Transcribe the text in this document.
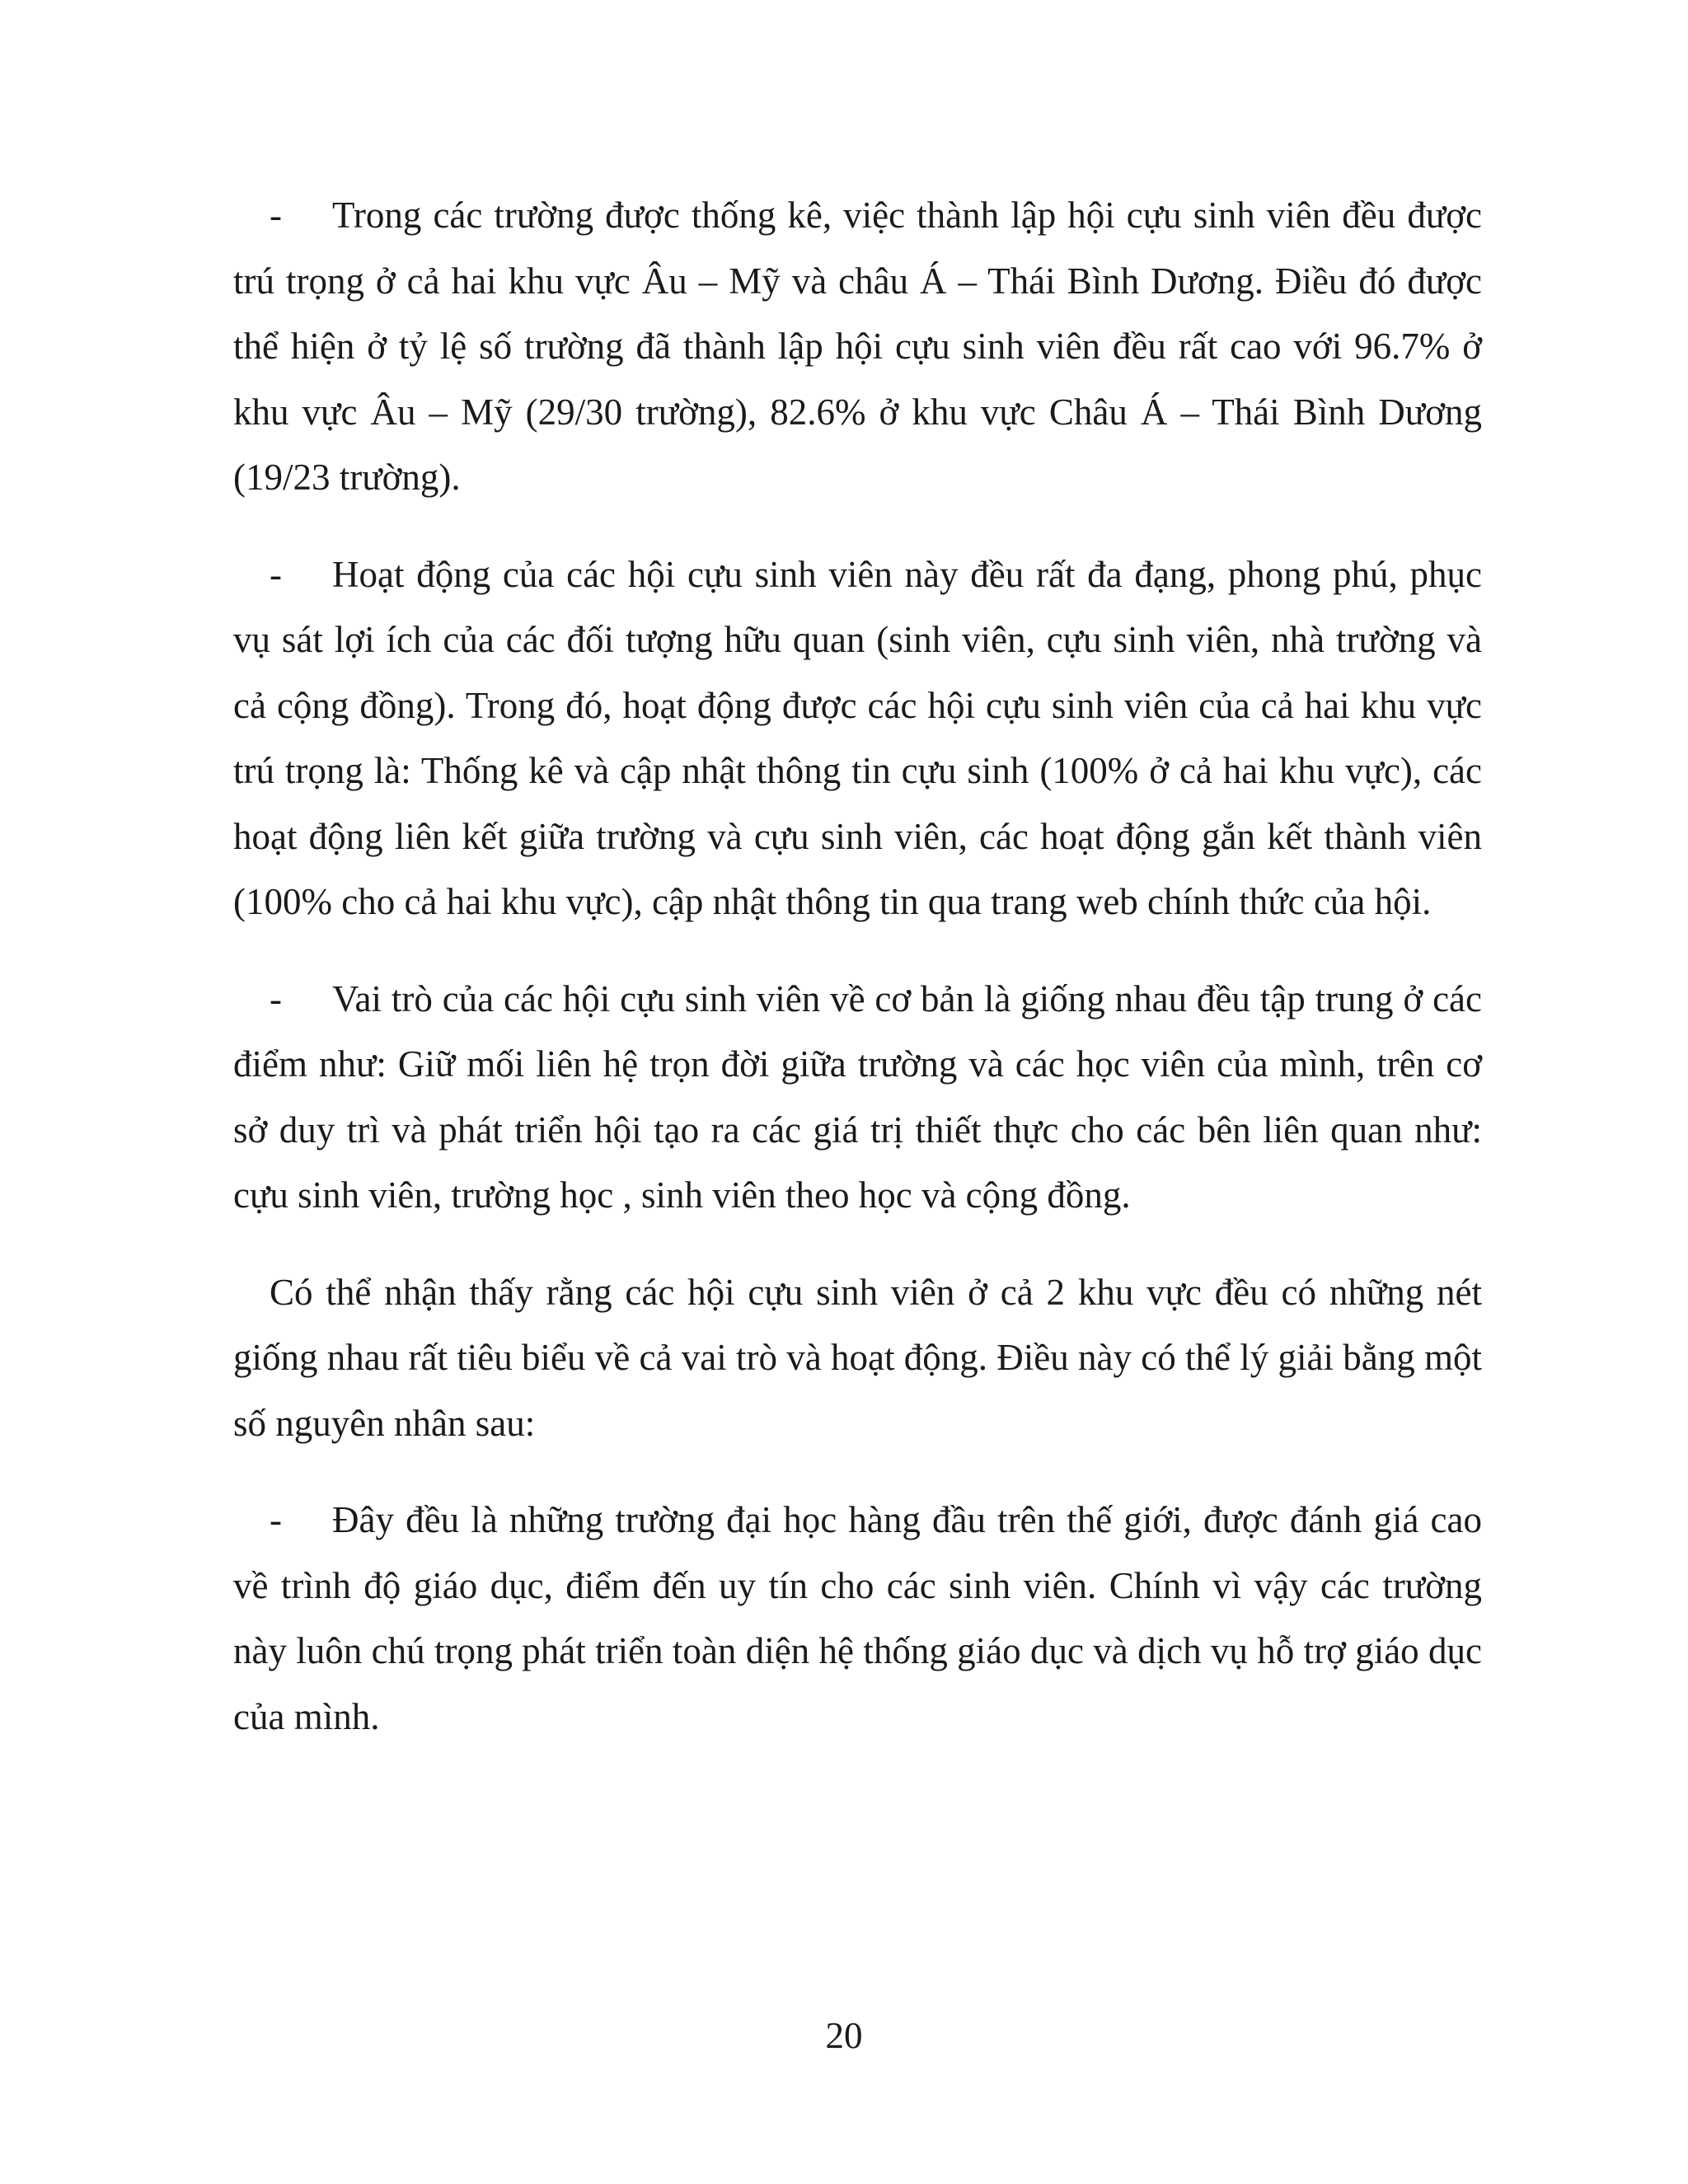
- Trong các trường được thống kê, việc thành lập hội cựu sinh viên đều được trú trọng ở cả hai khu vực Âu – Mỹ và châu Á – Thái Bình Dương. Điều đó được thể hiện ở tỷ lệ số trường đã thành lập hội cựu sinh viên đều rất cao với 96.7% ở khu vực Âu – Mỹ (29/30 trường), 82.6% ở khu vực Châu Á – Thái Bình Dương (19/23 trường).

- Hoạt động của các hội cựu sinh viên này đều rất đa đạng, phong phú, phục vụ sát lợi ích của các đối tượng hữu quan (sinh viên, cựu sinh viên, nhà trường và cả cộng đồng). Trong đó, hoạt động được các hội cựu sinh viên của cả hai khu vực trú trọng là: Thống kê và cập nhật thông tin cựu sinh (100% ở cả hai khu vực), các hoạt động liên kết giữa trường và cựu sinh viên, các hoạt động gắn kết thành viên (100% cho cả hai khu vực), cập nhật thông tin qua trang web chính thức của hội.

- Vai trò của các hội cựu sinh viên về cơ bản là giống nhau đều tập trung ở các điểm như: Giữ mối liên hệ trọn đời giữa trường và các học viên của mình, trên cơ sở duy trì và phát triển hội tạo ra các giá trị thiết thực cho các bên liên quan như: cựu sinh viên, trường học , sinh viên theo học và cộng đồng.

Có thể nhận thấy rằng các hội cựu sinh viên ở cả 2 khu vực đều có những nét giống nhau rất tiêu biểu về cả vai trò và hoạt động. Điều này có thể lý giải bằng một số nguyên nhân sau:

- Đây đều là những trường đại học hàng đầu trên thế giới, được đánh giá cao về trình độ giáo dục, điểm đến uy tín cho các sinh viên. Chính vì vậy các trường này luôn chú trọng phát triển toàn diện hệ thống giáo dục và dịch vụ hỗ trợ giáo dục của mình.

20
